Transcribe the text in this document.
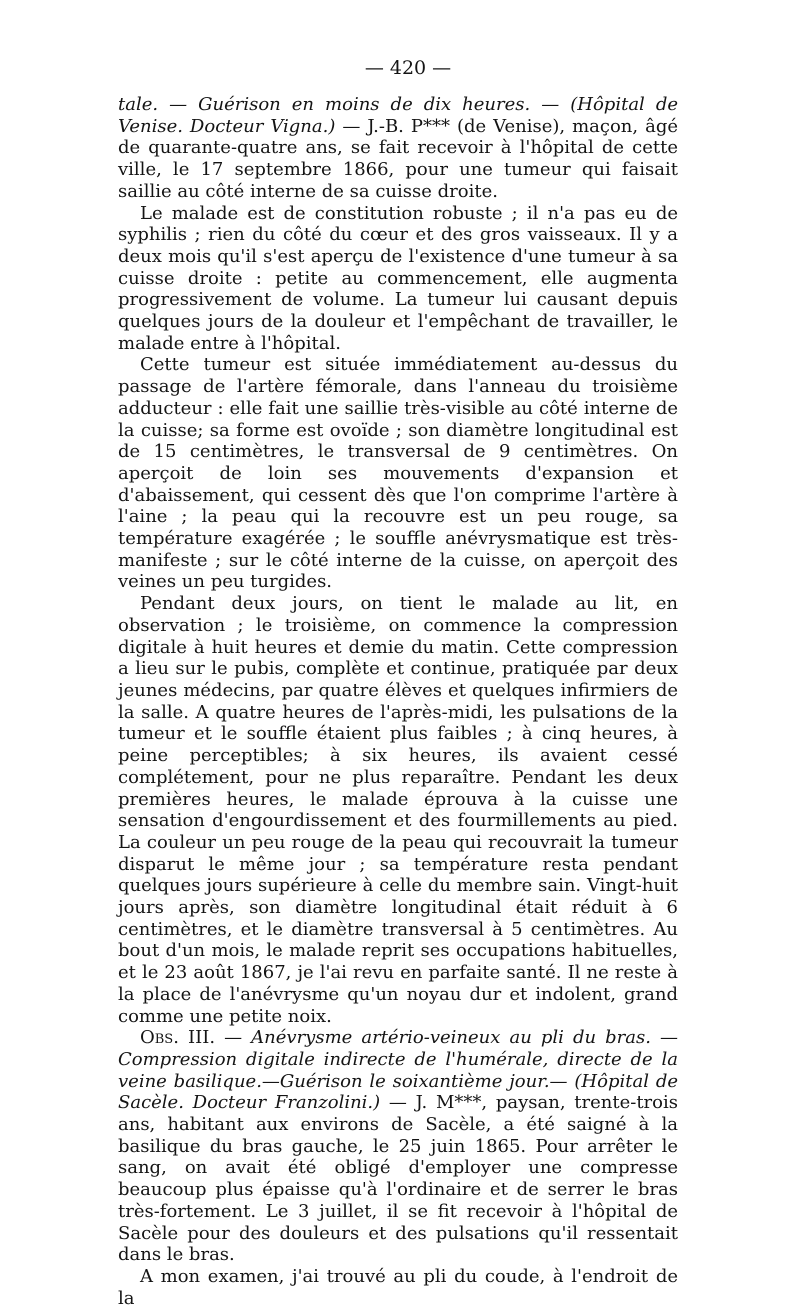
— 420 —

tale. — Guérison en moins de dix heures. — (Hôpital de Venise. Docteur Vigna.) — J.-B. P*** (de Venise), maçon, âgé de quarante-quatre ans, se fait recevoir à l'hôpital de cette ville, le 17 septembre 1866, pour une tumeur qui faisait saillie au côté interne de sa cuisse droite.

Le malade est de constitution robuste ; il n'a pas eu de syphilis ; rien du côté du cœur et des gros vaisseaux. Il y a deux mois qu'il s'est aperçu de l'existence d'une tumeur à sa cuisse droite : petite au commencement, elle augmenta progressivement de volume. La tumeur lui causant depuis quelques jours de la douleur et l'empêchant de travailler, le malade entre à l'hôpital.

Cette tumeur est située immédiatement au-dessus du passage de l'artère fémorale, dans l'anneau du troisième adducteur : elle fait une saillie très-visible au côté interne de la cuisse; sa forme est ovoïde ; son diamètre longitudinal est de 15 centimètres, le transversal de 9 centimètres. On aperçoit de loin ses mouvements d'expansion et d'abaissement, qui cessent dès que l'on comprime l'artère à l'aine ; la peau qui la recouvre est un peu rouge, sa température exagérée ; le souffle anévrysmatique est très-manifeste ; sur le côté interne de la cuisse, on aperçoit des veines un peu turgides.

Pendant deux jours, on tient le malade au lit, en observation ; le troisième, on commence la compression digitale à huit heures et demie du matin. Cette compression a lieu sur le pubis, complète et continue, pratiquée par deux jeunes médecins, par quatre élèves et quelques infirmiers de la salle. A quatre heures de l'après-midi, les pulsations de la tumeur et le souffle étaient plus faibles ; à cinq heures, à peine perceptibles; à six heures, ils avaient cessé complétement, pour ne plus reparaître. Pendant les deux premières heures, le malade éprouva à la cuisse une sensation d'engourdissement et des fourmillements au pied. La couleur un peu rouge de la peau qui recouvrait la tumeur disparut le même jour ; sa température resta pendant quelques jours supérieure à celle du membre sain. Vingt-huit jours après, son diamètre longitudinal était réduit à 6 centimètres, et le diamètre transversal à 5 centimètres. Au bout d'un mois, le malade reprit ses occupations habituelles, et le 23 août 1867, je l'ai revu en parfaite santé. Il ne reste à la place de l'anévrysme qu'un noyau dur et indolent, grand comme une petite noix.

Obs. III. — Anévrysme artério-veineux au pli du bras. — Compression digitale indirecte de l'humérale, directe de la veine basilique.—Guérison le soixantième jour.— (Hôpital de Sacèle. Docteur Franzolini.) — J. M***, paysan, trente-trois ans, habitant aux environs de Sacèle, a été saigné à la basilique du bras gauche, le 25 juin 1865. Pour arrêter le sang, on avait été obligé d'employer une compresse beaucoup plus épaisse qu'à l'ordinaire et de serrer le bras très-fortement. Le 3 juillet, il se fit recevoir à l'hôpital de Sacèle pour des douleurs et des pulsations qu'il ressentait dans le bras.

A mon examen, j'ai trouvé au pli du coude, à l'endroit de la
